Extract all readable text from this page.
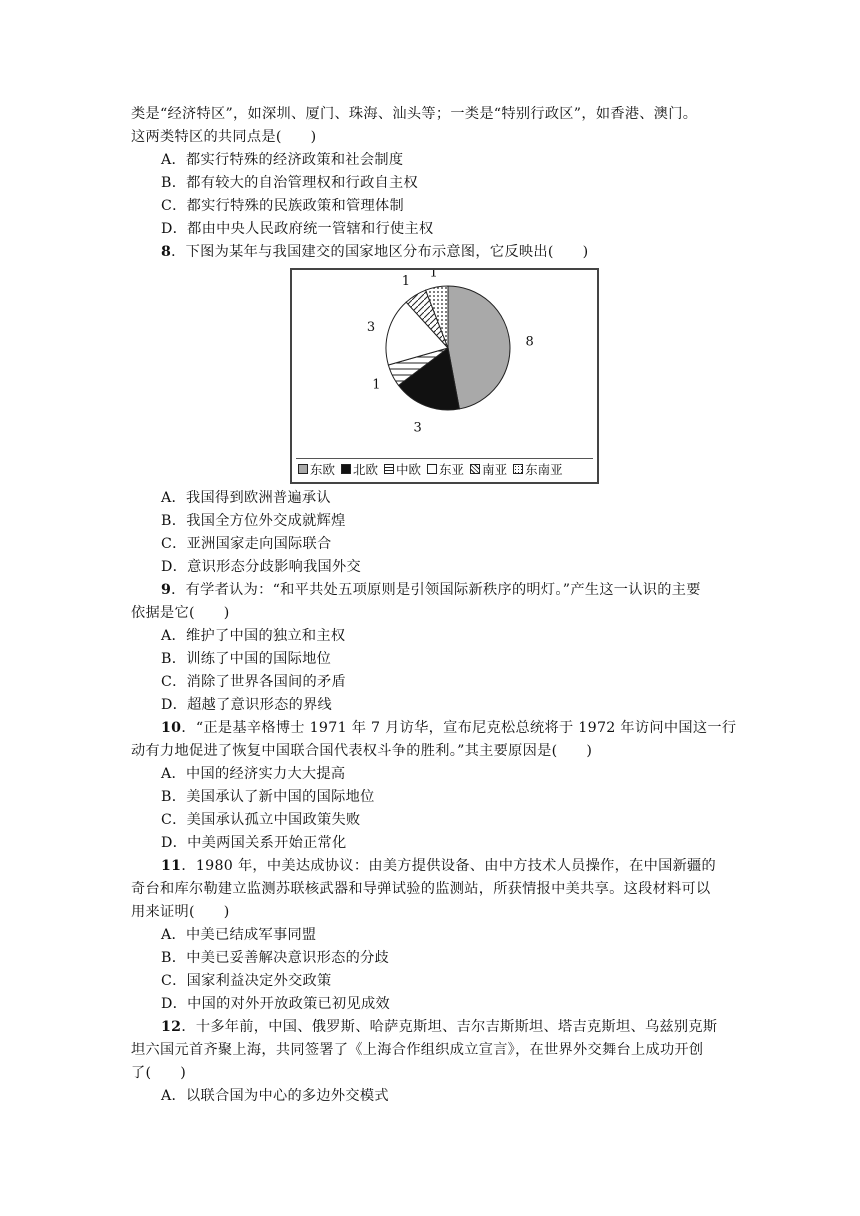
类是“经济特区”，如深圳、厦门、珠海、汕头等；一类是“特别行政区”，如香港、澳门。
这两类特区的共同点是(　　)
A．都实行特殊的经济政策和社会制度
B．都有较大的自治管理权和行政自主权
C．都实行特殊的民族政策和管理体制
D．都由中央人民政府统一管辖和行使主权
8．下图为某年与我国建交的国家地区分布示意图，它反映出(　　)
8
3
1
3
1
1
东欧 北欧 中欧 东亚 南亚 东南亚
A．我国得到欧洲普遍承认
B．我国全方位外交成就辉煌
C．亚洲国家走向国际联合
D．意识形态分歧影响我国外交
9．有学者认为：“和平共处五项原则是引领国际新秩序的明灯。”产生这一认识的主要
依据是它(　　)
A．维护了中国的独立和主权
B．训练了中国的国际地位
C．消除了世界各国间的矛盾
D．超越了意识形态的界线
10．“正是基辛格博士 1971 年 7 月访华，宣布尼克松总统将于 1972 年访问中国这一行
动有力地促进了恢复中国联合国代表权斗争的胜利。”其主要原因是(　　)
A．中国的经济实力大大提高
B．美国承认了新中国的国际地位
C．美国承认孤立中国政策失败
D．中美两国关系开始正常化
11．1980 年，中美达成协议：由美方提供设备、由中方技术人员操作，在中国新疆的
奇台和库尔勒建立监测苏联核武器和导弹试验的监测站，所获情报中美共享。这段材料可以
用来证明(　　)
A．中美已结成军事同盟
B．中美已妥善解决意识形态的分歧
C．国家利益决定外交政策
D．中国的对外开放政策已初见成效
12．十多年前，中国、俄罗斯、哈萨克斯坦、吉尔吉斯斯坦、塔吉克斯坦、乌兹别克斯
坦六国元首齐聚上海，共同签署了《上海合作组织成立宣言》，在世界外交舞台上成功开创
了(　　)
A．以联合国为中心的多边外交模式
